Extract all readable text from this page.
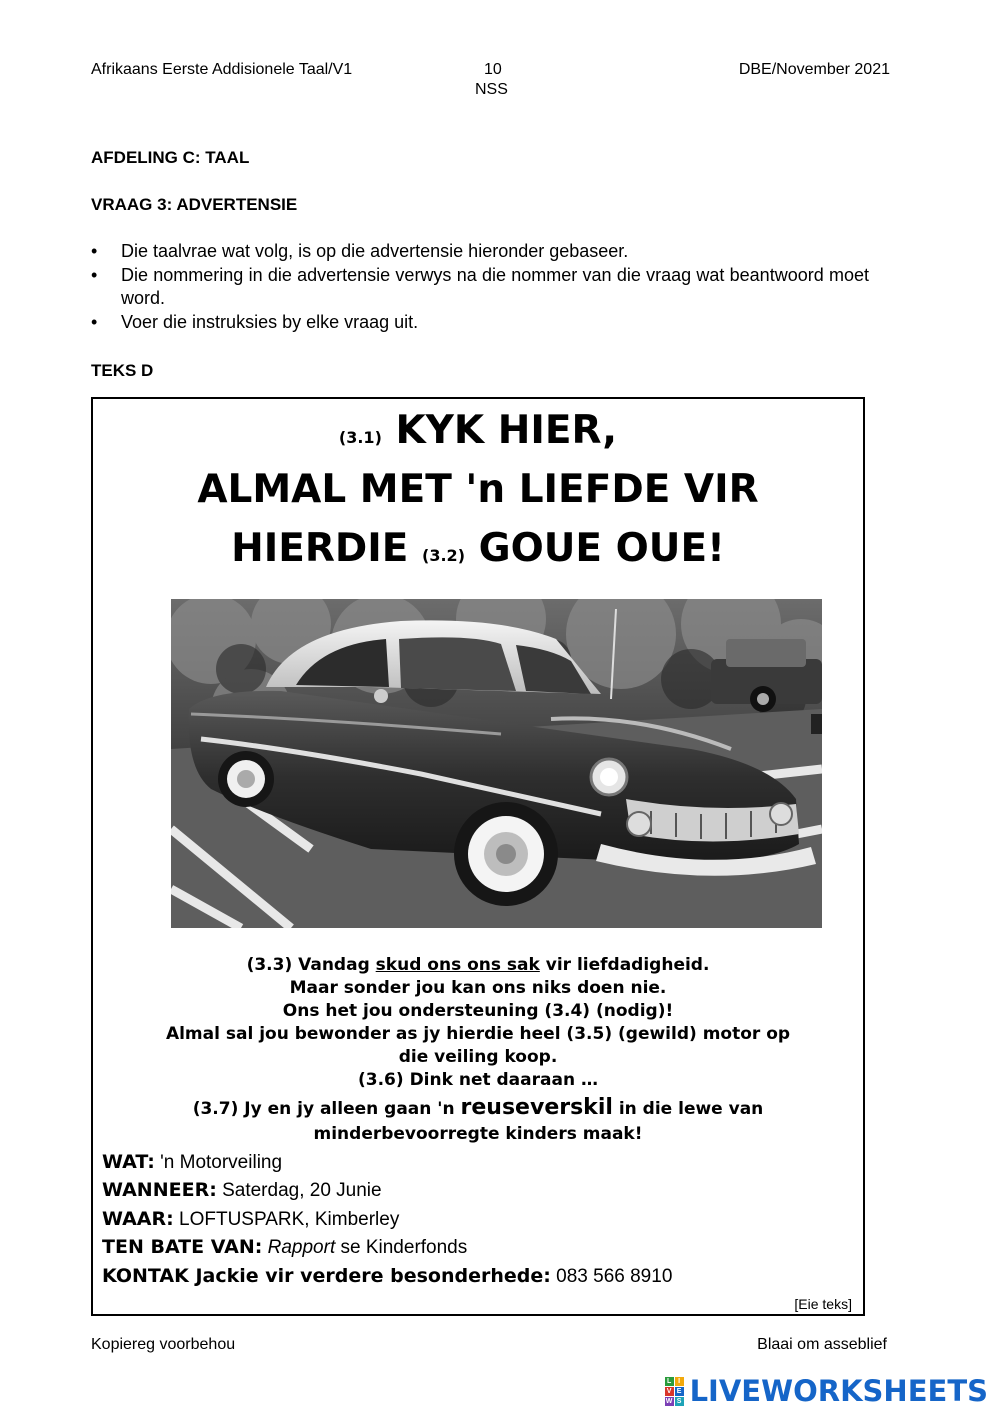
Afrikaans Eerste Addisionele Taal/V1	10
NSS
DBE/November 2021
AFDELING C: TAAL
VRAAG 3: ADVERTENSIE
• Die taalvrae wat volg, is op die advertensie hieronder gebaseer.
• Die nommering in die advertensie verwys na die nommer van die vraag wat beantwoord moet word.
• Voer die instruksies by elke vraag uit.
TEKS D
(3.1) KYK HIER,
ALMAL MET 'n LIEFDE VIR
HIERDIE (3.2) GOUE OUE!
(3.3) Vandag skud ons ons sak vir liefdadigheid.
Maar sonder jou kan ons niks doen nie.
Ons het jou ondersteuning (3.4) (nodig)!
Almal sal jou bewonder as jy hierdie heel (3.5) (gewild) motor op
die veiling koop.
(3.6) Dink net daaraan …
(3.7) Jy en jy alleen gaan 'n reuseverskil in die lewe van
minderbevoorregte kinders maak!
WAT: 'n Motorveiling
WANNEER: Saterdag, 20 Junie
WAAR: LOFTUSPARK, Kimberley
TEN BATE VAN: Rapport se Kinderfonds
KONTAK Jackie vir verdere besonderhede: 083 566 8910
[Eie teks]
Kopiereg voorbehou	Blaai om asseblief
L I
V E
W S LIVEWORKSHEETS
